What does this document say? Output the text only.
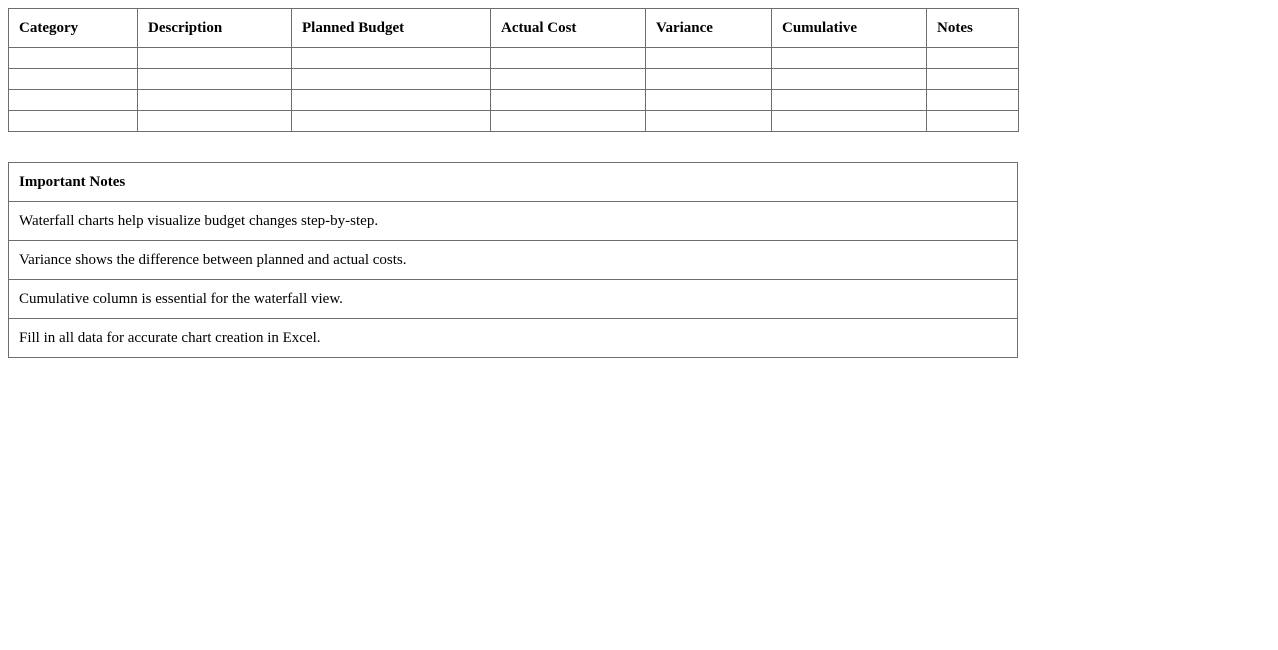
Category	Description	Planned Budget	Actual Cost	Variance	Cumulative	Notes

Important Notes
Waterfall charts help visualize budget changes step-by-step.
Variance shows the difference between planned and actual costs.
Cumulative column is essential for the waterfall view.
Fill in all data for accurate chart creation in Excel.
